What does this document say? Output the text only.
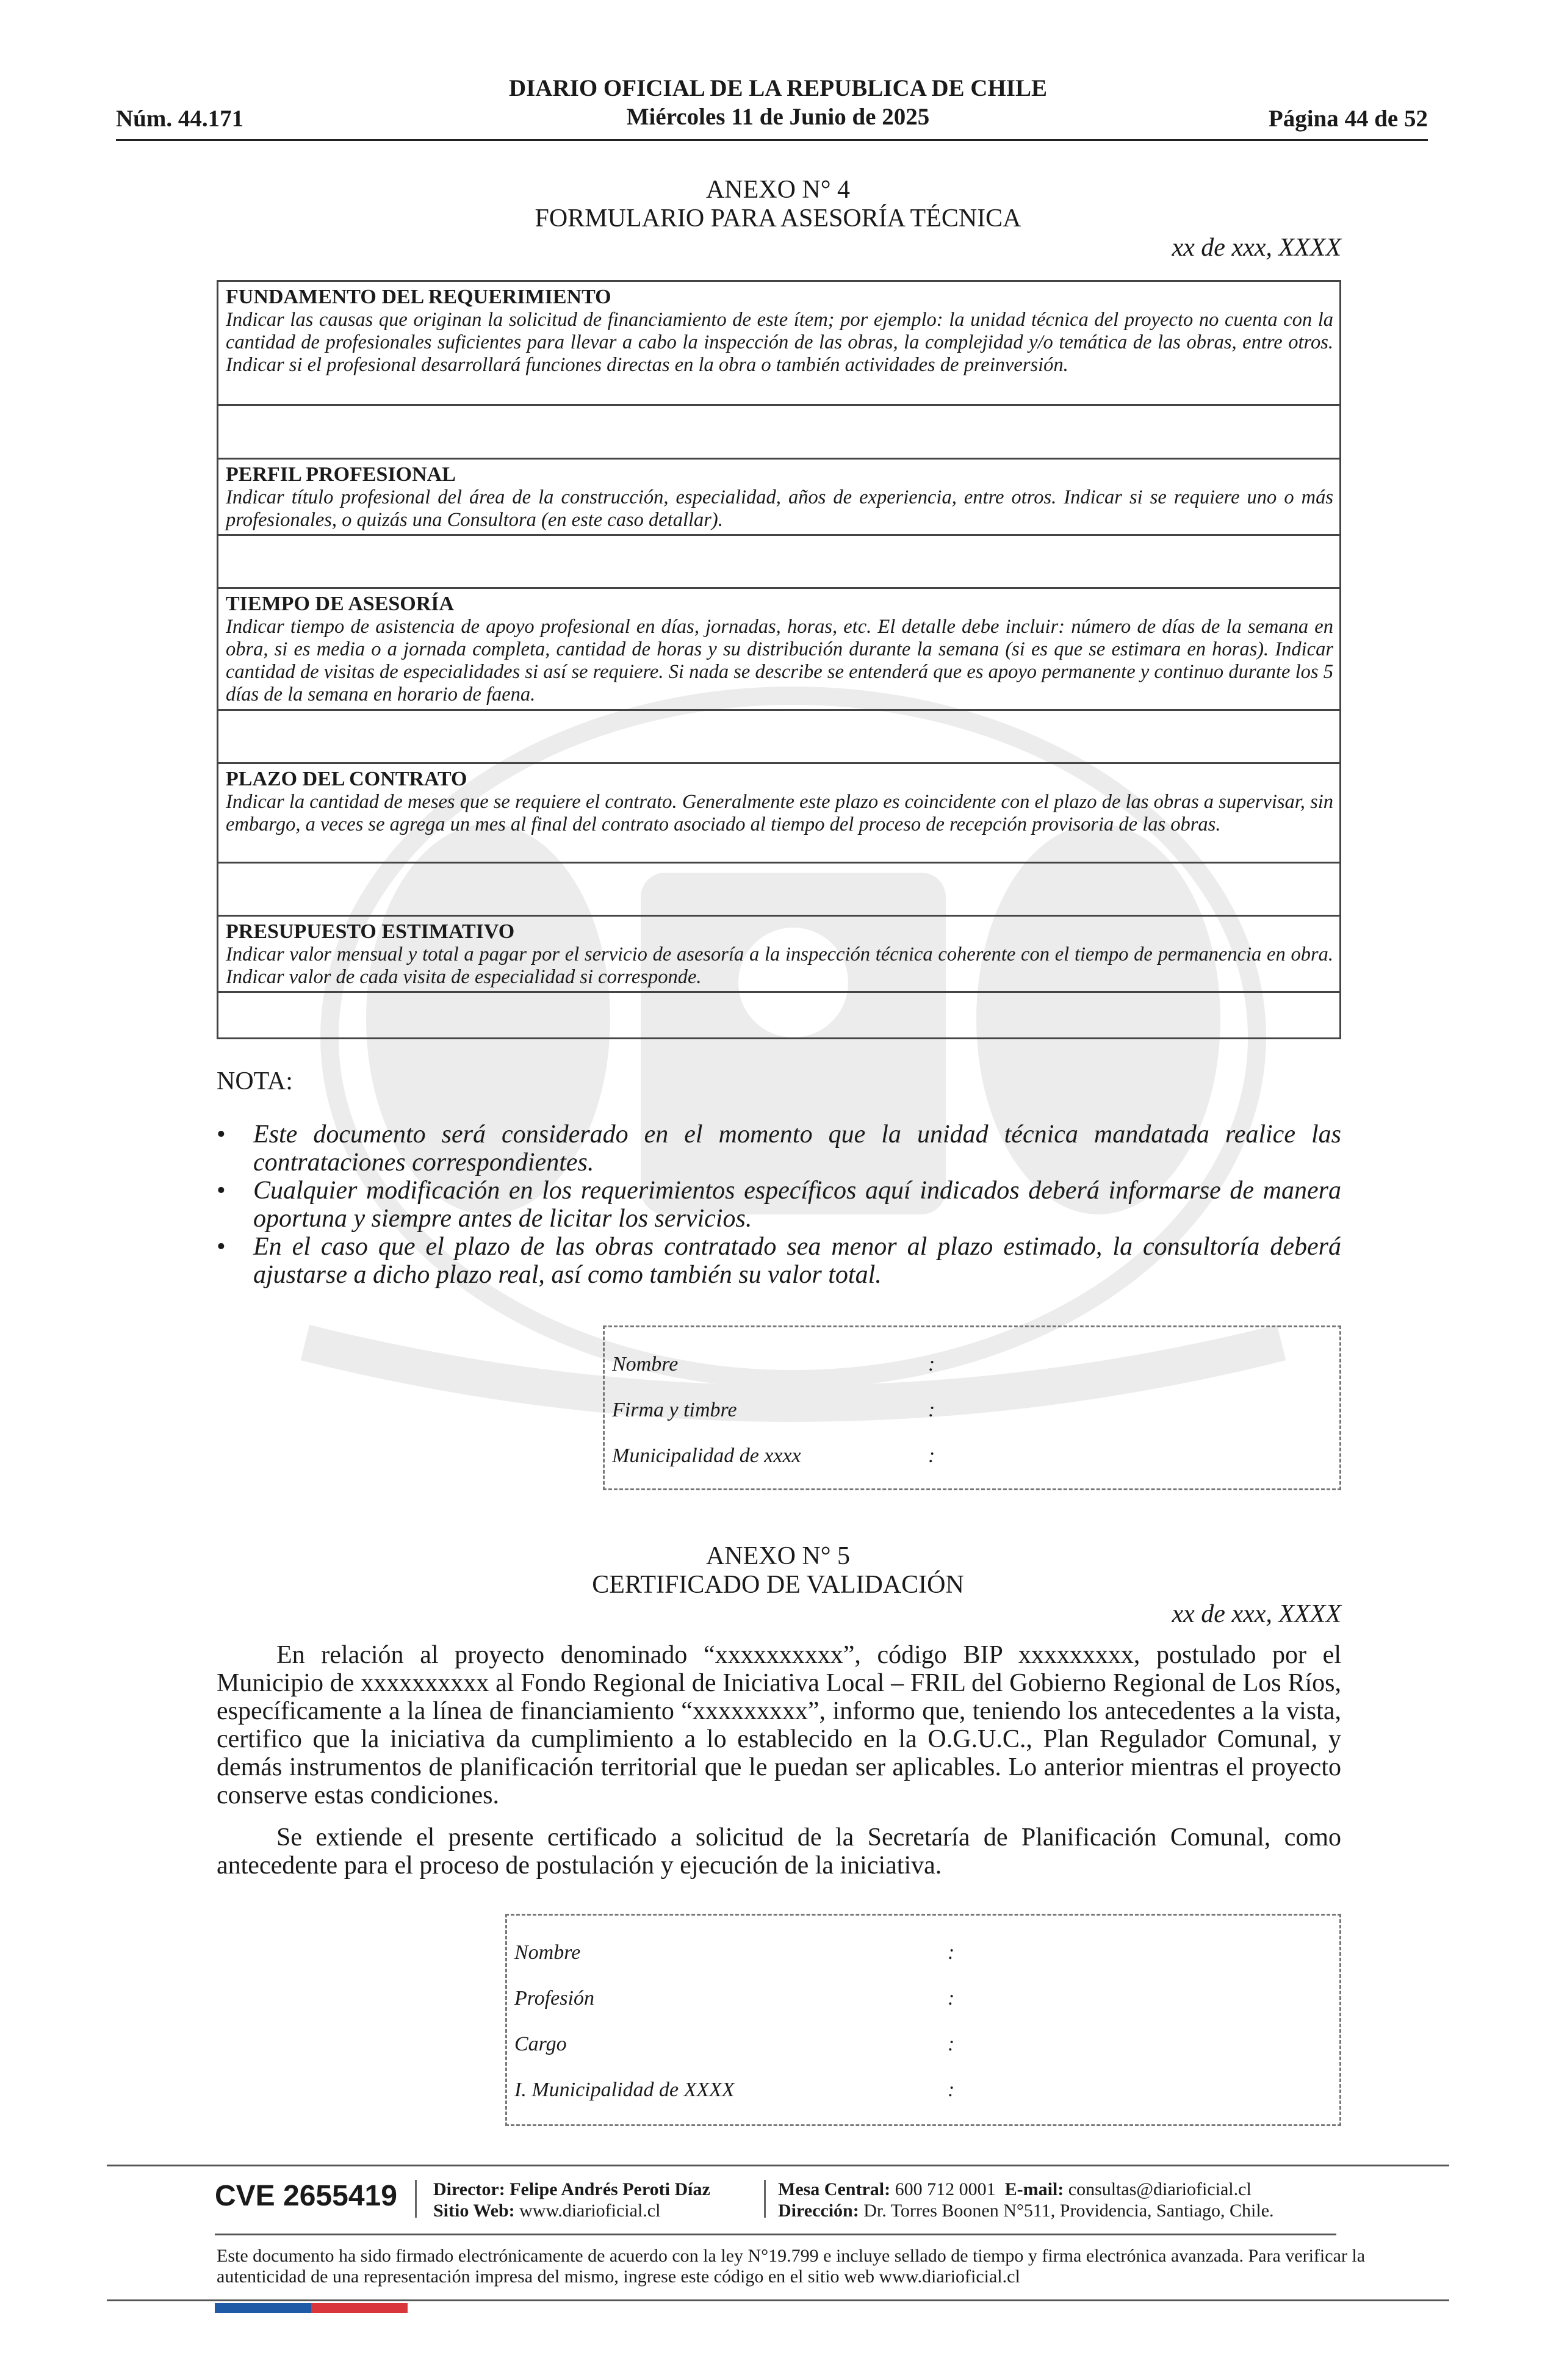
DIARIO OFICIAL DE LA REPUBLICA DE CHILE
Miércoles 11 de Junio de 2025
Núm. 44.171	Página 44 de 52
ANEXO N° 4
FORMULARIO PARA ASESORÍA TÉCNICA
xx de xxx, XXXX
FUNDAMENTO DEL REQUERIMIENTO
Indicar las causas que originan la solicitud de financiamiento de este ítem; por ejemplo: la unidad técnica del proyecto no cuenta con la cantidad de profesionales suficientes para llevar a cabo la inspección de las obras, la complejidad y/o temática de las obras, entre otros. Indicar si el profesional desarrollará funciones directas en la obra o también actividades de preinversión.
PERFIL PROFESIONAL
Indicar título profesional del área de la construcción, especialidad, años de experiencia, entre otros. Indicar si se requiere uno o más profesionales, o quizás una Consultora (en este caso detallar).
TIEMPO DE ASESORÍA
Indicar tiempo de asistencia de apoyo profesional en días, jornadas, horas, etc. El detalle debe incluir: número de días de la semana en obra, si es media o a jornada completa, cantidad de horas y su distribución durante la semana (si es que se estimara en horas). Indicar cantidad de visitas de especialidades si así se requiere. Si nada se describe se entenderá que es apoyo permanente y continuo durante los 5 días de la semana en horario de faena.
PLAZO DEL CONTRATO
Indicar la cantidad de meses que se requiere el contrato. Generalmente este plazo es coincidente con el plazo de las obras a supervisar, sin embargo, a veces se agrega un mes al final del contrato asociado al tiempo del proceso de recepción provisoria de las obras.
PRESUPUESTO ESTIMATIVO
Indicar valor mensual y total a pagar por el servicio de asesoría a la inspección técnica coherente con el tiempo de permanencia en obra. Indicar valor de cada visita de especialidad si corresponde.
NOTA:
• Este documento será considerado en el momento que la unidad técnica mandatada realice las contrataciones correspondientes.
• Cualquier modificación en los requerimientos específicos aquí indicados deberá informarse de manera oportuna y siempre antes de licitar los servicios.
• En el caso que el plazo de las obras contratado sea menor al plazo estimado, la consultoría deberá ajustarse a dicho plazo real, así como también su valor total.
Nombre	:
Firma y timbre	:
Municipalidad de xxxx	:
ANEXO N° 5
CERTIFICADO DE VALIDACIÓN
xx de xxx, XXXX
En relación al proyecto denominado “xxxxxxxxxx”, código BIP xxxxxxxxx, postulado por el Municipio de xxxxxxxxxx al Fondo Regional de Iniciativa Local – FRIL del Gobierno Regional de Los Ríos, específicamente a la línea de financiamiento “xxxxxxxxx”, informo que, teniendo los antecedentes a la vista, certifico que la iniciativa da cumplimiento a lo establecido en la O.G.U.C., Plan Regulador Comunal, y demás instrumentos de planificación territorial que le puedan ser aplicables. Lo anterior mientras el proyecto conserve estas condiciones.
Se extiende el presente certificado a solicitud de la Secretaría de Planificación Comunal, como antecedente para el proceso de postulación y ejecución de la iniciativa.
Nombre	:
Profesión	:
Cargo	:
I. Municipalidad de XXXX	:
CVE 2655419 Director: Felipe Andrés Peroti Díaz
Sitio Web: www.diarioficial.cl
Mesa Central: 600 712 0001 E-mail: consultas@diarioficial.cl
Dirección: Dr. Torres Boonen N°511, Providencia, Santiago, Chile.
Este documento ha sido firmado electrónicamente de acuerdo con la ley N°19.799 e incluye sellado de tiempo y firma electrónica avanzada. Para verificar la autenticidad de una representación impresa del mismo, ingrese este código en el sitio web www.diarioficial.cl
